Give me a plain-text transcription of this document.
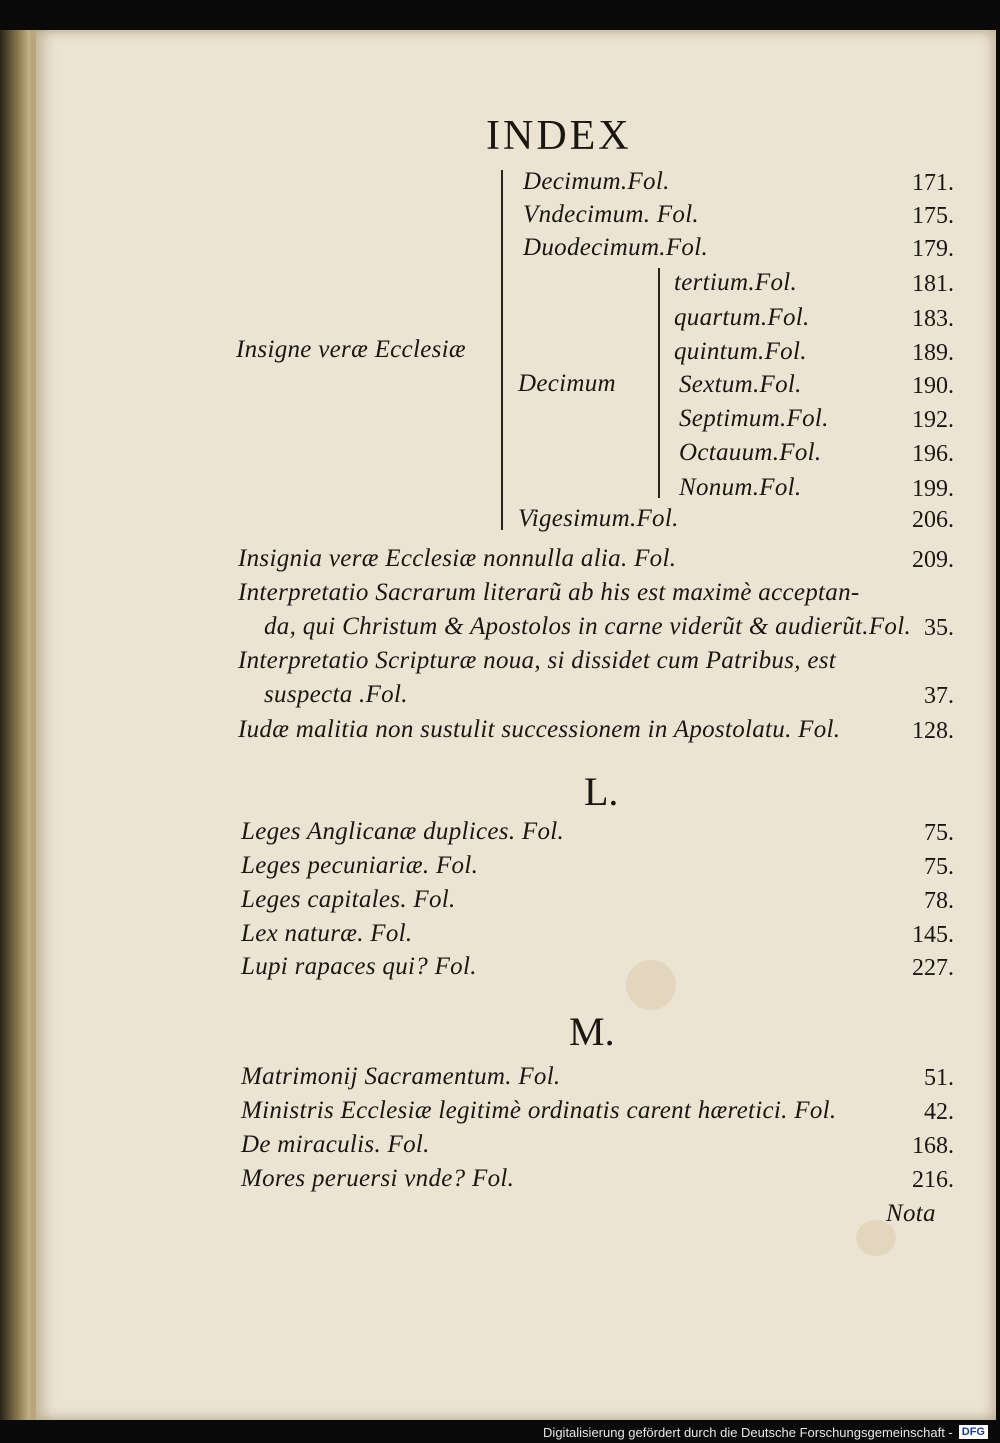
INDEX
Insigne veræ Ecclesiæ
Decimum
Decimum.Fol.	171.
Vndecimum. Fol.	175.
Duodecimum.Fol.	179.
tertium.Fol.	181.
quartum.Fol.	183.
quintum.Fol.	189.
Sextum.Fol.	190.
Septimum.Fol.	192.
Octauum.Fol.	196.
Nonum.Fol.	199.
Vigesimum.Fol.	206.
Insignia veræ Ecclesiæ nonnulla alia. Fol.	209.
Interpretatio Sacrarum literarũ ab his est maximè acceptan-
da, qui Christum & Apostolos in carne viderũt & audierũt.Fol. 35.
Interpretatio Scripturæ noua, si dissidet cum Patribus, est
suspecta .Fol.	37.
Iudæ malitia non sustulit successionem in Apostolatu. Fol.	128.
L.
Leges Anglicanæ duplices. Fol.	75.
Leges pecuniariæ. Fol.	75.
Leges capitales. Fol.	78.
Lex naturæ. Fol.	145.
Lupi rapaces qui? Fol.	227.
M.
Matrimonij Sacramentum. Fol.	51.
Ministris Ecclesiæ legitimè ordinatis carent hæretici. Fol.	42.
De miraculis. Fol.	168.
Mores peruersi vnde? Fol.	216.
Nota
Digitalisierung gefördert durch die Deutsche Forschungsgemeinschaft - DFG
